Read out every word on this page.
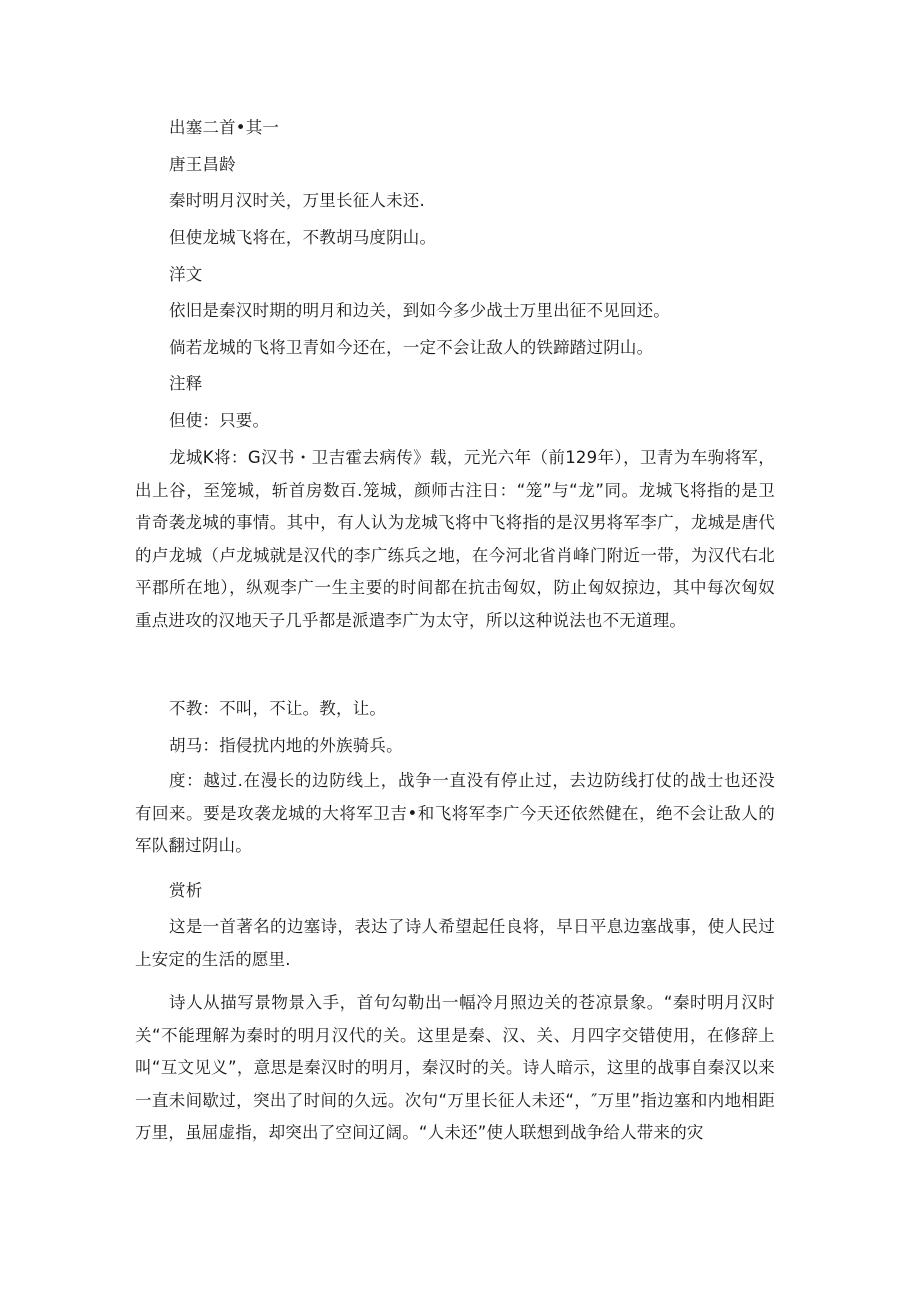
出塞二首•其一
唐王昌龄
秦时明月汉时关，万里长征人未还.
但使龙城飞将在，不教胡马度阴山。
洋文
依旧是秦汉时期的明月和边关，到如今多少战士万里出征不见回还。
倘若龙城的飞将卫青如今还在，一定不会让敌人的铁蹄踏过阴山。
注释
但使：只要。
龙城K将：G汉书・卫吉霍去病传》载，元光六年（前129年），卫青为车驹将军，出上谷，至笼城，斩首房数百.笼城，颜师古注日：“笼”与“龙”同。龙城飞将指的是卫肯奇袭龙城的事情。其中，有人认为龙城飞将中飞将指的是汉男将军李广，龙城是唐代的卢龙城（卢龙城就是汉代的李广练兵之地，在今河北省肖峰门附近一带，为汉代右北平郡所在地），纵观李广一生主要的时间都在抗击匈奴，防止匈奴掠边，其中每次匈奴重点进攻的汉地天子几乎都是派遣李广为太守，所以这种说法也不无道理。
不教：不叫，不让。教，让。
胡马：指侵扰内地的外族骑兵。
度：越过.在漫长的边防线上，战争一直没有停止过，去边防线打仗的战士也还没有回来。要是攻袭龙城的大将军卫吉•和飞将军李广今天还依然健在，绝不会让敌人的军队翻过阴山。
赏析
这是一首著名的边塞诗，表达了诗人希望起任良将，早日平息边塞战事，使人民过上安定的生活的愿里.
诗人从描写景物景入手，首句勾勒出一幅冷月照边关的苍凉景象。“秦时明月汉时关“不能理解为秦时的明月汉代的关。这里是秦、汉、关、月四字交错使用，在修辞上叫“互文见义”，意思是秦汉时的明月，秦汉时的关。诗人暗示，这里的战事自秦汉以来一直未间歇过，突出了时间的久远。次句“万里长征人未还“，″万里”指边塞和内地相距万里，虽屈虚指，却突出了空间辽阔。“人未还”使人联想到战争给人带来的灾
